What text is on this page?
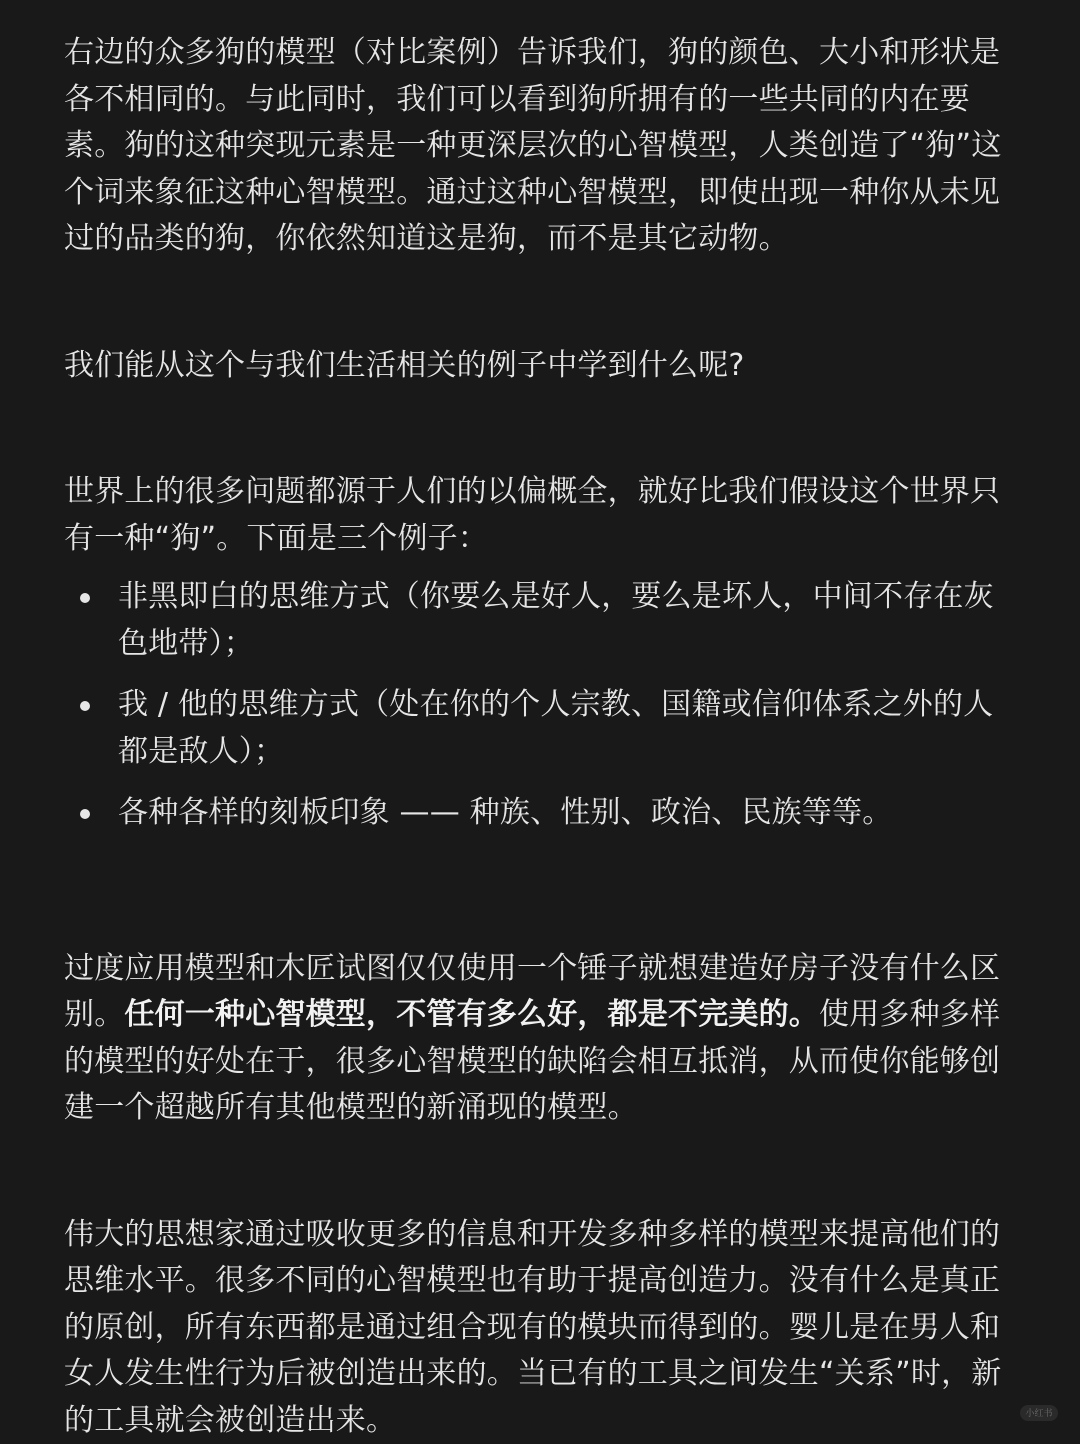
右边的众多狗的模型（对比案例）告诉我们，狗的颜色、大小和形状是各不相同的。与此同时，我们可以看到狗所拥有的一些共同的内在要素。狗的这种突现元素是一种更深层次的心智模型，人类创造了“狗”这个词来象征这种心智模型。通过这种心智模型，即使出现一种你从未见过的品类的狗，你依然知道这是狗，而不是其它动物。

我们能从这个与我们生活相关的例子中学到什么呢?

世界上的很多问题都源于人们的以偏概全，就好比我们假设这个世界只有一种“狗”。下面是三个例子：

非黑即白的思维方式（你要么是好人，要么是坏人，中间不存在灰色地带）；
我 / 他的思维方式（处在你的个人宗教、国籍或信仰体系之外的人都是敌人）；
各种各样的刻板印象 —— 种族、性别、政治、民族等等。

过度应用模型和木匠试图仅仅使用一个锤子就想建造好房子没有什么区别。任何一种心智模型，不管有多么好，都是不完美的。使用多种多样的模型的好处在于，很多心智模型的缺陷会相互抵消，从而使你能够创建一个超越所有其他模型的新涌现的模型。

伟大的思想家通过吸收更多的信息和开发多种多样的模型来提高他们的思维水平。很多不同的心智模型也有助于提高创造力。没有什么是真正的原创，所有东西都是通过组合现有的模块而得到的。婴儿是在男人和女人发生性行为后被创造出来的。当已有的工具之间发生“关系”时，新的工具就会被创造出来。	小红书
